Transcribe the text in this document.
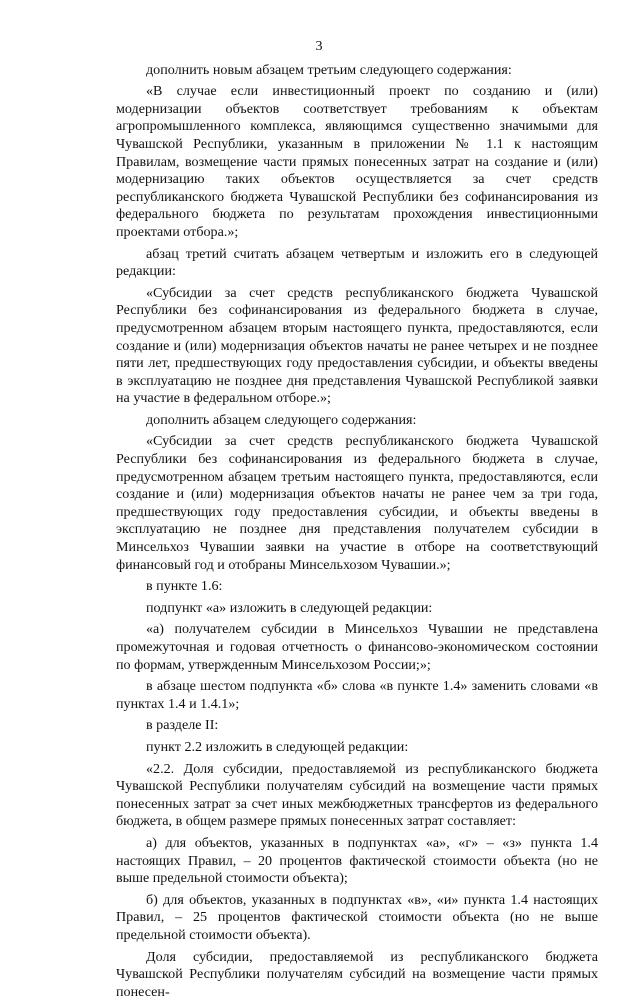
3

дополнить новым абзацем третьим следующего содержания:

«В случае если инвестиционный проект по созданию и (или) модернизации объектов соответствует требованиям к объектам агропромышленного комплекса, являющимся существенно значимыми для Чувашской Республики, указанным в приложении № 1.1 к настоящим Правилам, возмещение части прямых понесенных затрат на создание и (или) модернизацию таких объектов осуществляется за счет средств республиканского бюджета Чувашской Республики без софинансирования из федерального бюджета по результатам прохождения инвестиционными проектами отбора.»;

абзац третий считать абзацем четвертым и изложить его в следующей редакции:

«Субсидии за счет средств республиканского бюджета Чувашской Республики без софинансирования из федерального бюджета в случае, предусмотренном абзацем вторым настоящего пункта, предоставляются, если создание и (или) модернизация объектов начаты не ранее четырех и не позднее пяти лет, предшествующих году предоставления субсидии, и объекты введены в эксплуатацию не позднее дня представления Чувашской Республикой заявки на участие в федеральном отборе.»;

дополнить абзацем следующего содержания:

«Субсидии за счет средств республиканского бюджета Чувашской Республики без софинансирования из федерального бюджета в случае, предусмотренном абзацем третьим настоящего пункта, предоставляются, если создание и (или) модернизация объектов начаты не ранее чем за три года, предшествующих году предоставления субсидии, и объекты введены в эксплуатацию не позднее дня представления получателем субсидии в Минсельхоз Чувашии заявки на участие в отборе на соответствующий финансовый год и отобраны Минсельхозом Чувашии.»;

в пункте 1.6:

подпункт «а» изложить в следующей редакции:

«а) получателем субсидии в Минсельхоз Чувашии не представлена промежуточная и годовая отчетность о финансово-экономическом состоянии по формам, утвержденным Минсельхозом России;»;

в абзаце шестом подпункта «б» слова «в пункте 1.4» заменить словами «в пунктах 1.4 и 1.4.1»;

в разделе II:

пункт 2.2 изложить в следующей редакции:

«2.2. Доля субсидии, предоставляемой из республиканского бюджета Чувашской Республики получателям субсидий на возмещение части прямых понесенных затрат за счет иных межбюджетных трансфертов из федерального бюджета, в общем размере прямых понесенных затрат составляет:

а) для объектов, указанных в подпунктах «а», «г» – «з» пункта 1.4 настоящих Правил, – 20 процентов фактической стоимости объекта (но не выше предельной стоимости объекта);

б) для объектов, указанных в подпунктах «в», «и» пункта 1.4 настоящих Правил, – 25 процентов фактической стоимости объекта (но не выше предельной стоимости объекта).

Доля субсидии, предоставляемой из республиканского бюджета Чувашской Республики получателям субсидий на возмещение части прямых понесен-
